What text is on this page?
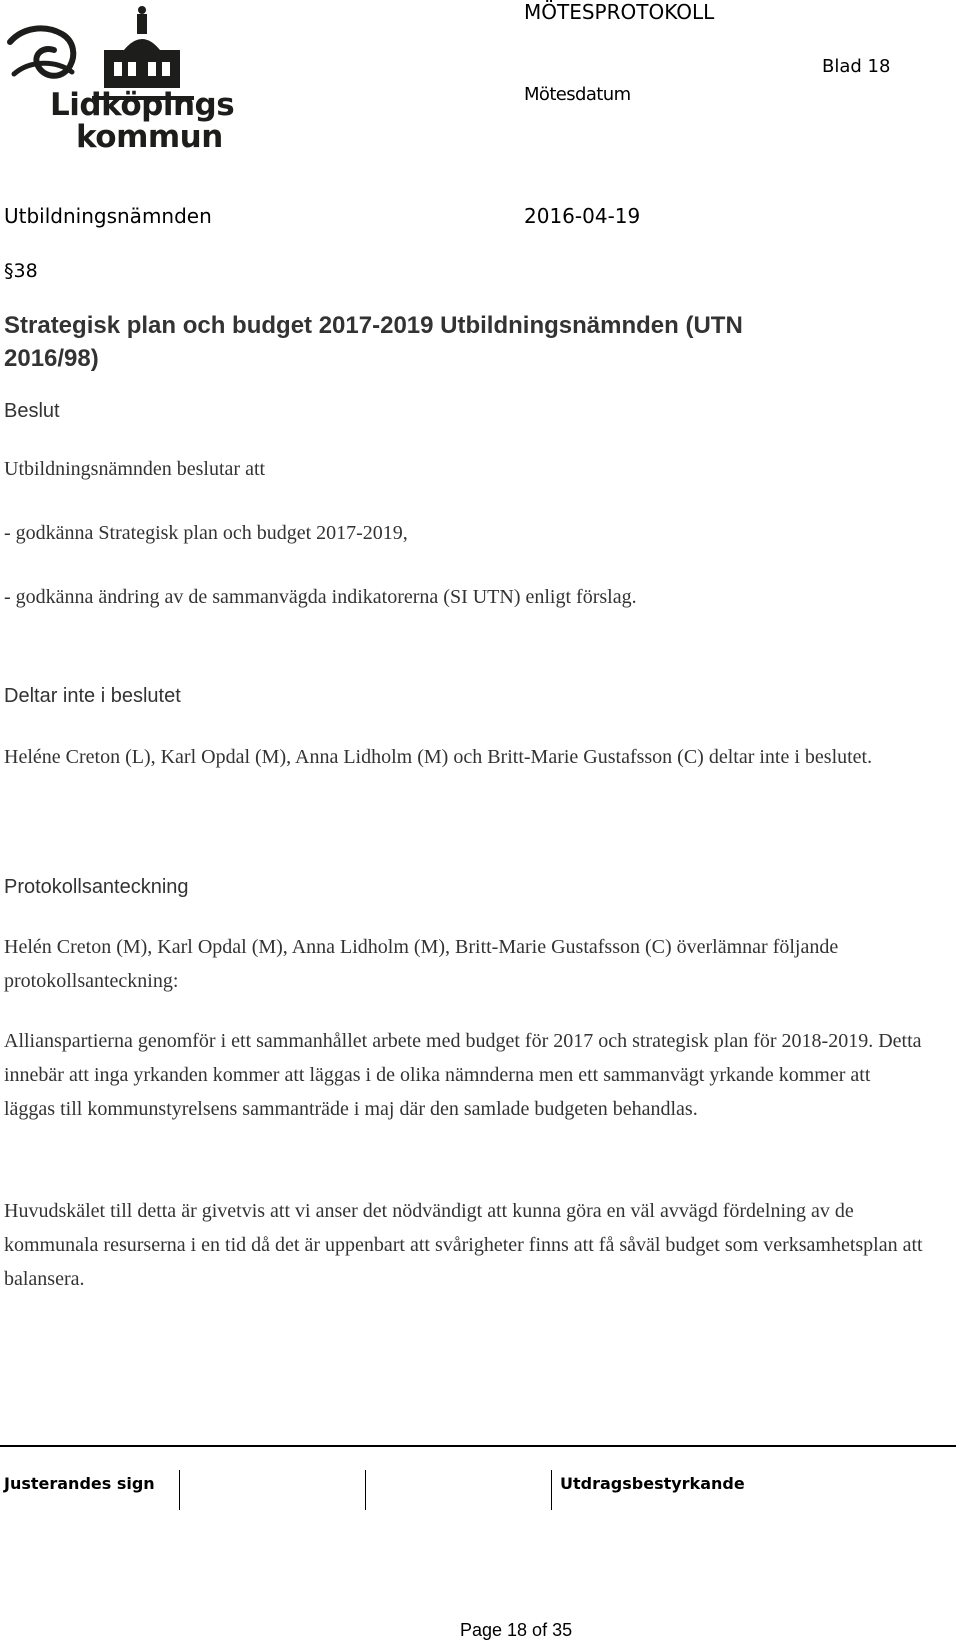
Lidköpings
kommun
MÖTESPROTOKOLL
Blad 18
Mötesdatum
Utbildningsnämnden	2016-04-19
§38
Strategisk plan och budget 2017-2019 Utbildningsnämnden (UTN 2016/98)
Beslut
Utbildningsnämnden beslutar att
- godkänna Strategisk plan och budget 2017-2019,
- godkänna ändring av de sammanvägda indikatorerna (SI UTN) enligt förslag.
Deltar inte i beslutet
Heléne Creton (L), Karl Opdal (M), Anna Lidholm (M) och Britt-Marie Gustafsson (C) deltar inte i beslutet.
Protokollsanteckning
Helén Creton (M), Karl Opdal (M), Anna Lidholm (M), Britt-Marie Gustafsson (C) överlämnar följande protokollsanteckning:
Allianspartierna genomför i ett sammanhållet arbete med budget för 2017 och strategisk plan för 2018-2019. Detta innebär att inga yrkanden kommer att läggas i de olika nämnderna men ett sammanvägt yrkande kommer att läggas till kommunstyrelsens sammanträde i maj där den samlade budgeten behandlas.
Huvudskälet till detta är givetvis att vi anser det nödvändigt att kunna göra en väl avvägd fördelning av de kommunala resurserna i en tid då det är uppenbart att svårigheter finns att få såväl budget som verksamhetsplan att balansera.
Justerandes sign	Utdragsbestyrkande
Page 18 of 35
